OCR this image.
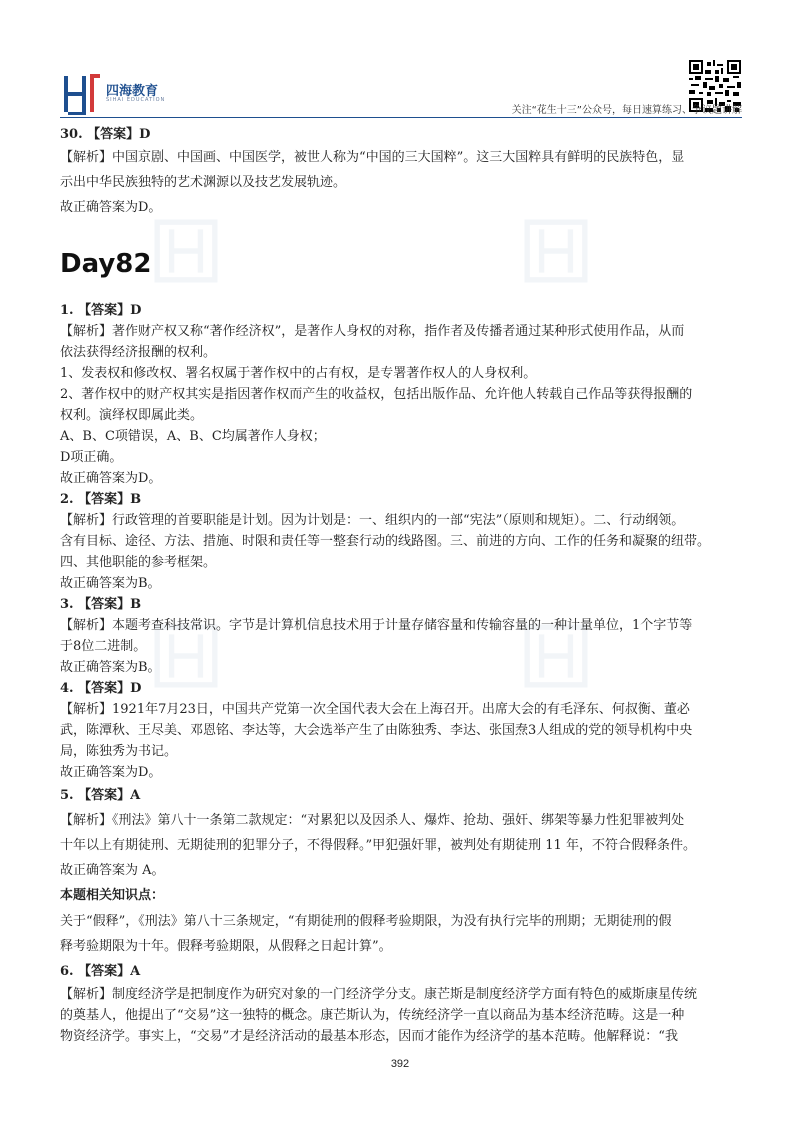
四海教育
SIHAI EDUCATION
关注“花生十三”公众号，每日速算练习、争议题讲解

30. 【答案】D

【解析】中国京剧、中国画、中国医学，被世人称为“中国的三大国粹”。这三大国粹具有鲜明的民族特色，显

示出中华民族独特的艺术渊源以及技艺发展轨迹。

故正确答案为D。

Day82

1. 【答案】D

【解析】著作财产权又称“著作经济权”，是著作人身权的对称，指作者及传播者通过某种形式使用作品，从而

依法获得经济报酬的权利。

1、发表权和修改权、署名权属于著作权中的占有权，是专署著作权人的人身权利。

2、著作权中的财产权其实是指因著作权而产生的收益权，包括出版作品、允许他人转载自己作品等获得报酬的

权利。演绎权即属此类。

A、B、C项错误，A、B、C均属著作人身权；

D项正确。

故正确答案为D。

2. 【答案】B

【解析】行政管理的首要职能是计划。因为计划是：一、组织内的一部“宪法”（原则和规矩）。二、行动纲领。

含有目标、途径、方法、措施、时限和责任等一整套行动的线路图。三、前进的方向、工作的任务和凝聚的纽带。

四、其他职能的参考框架。

故正确答案为B。

3. 【答案】B

【解析】本题考查科技常识。字节是计算机信息技术用于计量存储容量和传输容量的一种计量单位，1个字节等

于8位二进制。

故正确答案为B。

4. 【答案】D

【解析】1921年7月23日，中国共产党第一次全国代表大会在上海召开。出席大会的有毛泽东、何叔衡、董必

武，陈潭秋、王尽美、邓恩铭、李达等，大会选举产生了由陈独秀、李达、张国焘3人组成的党的领导机构中央

局，陈独秀为书记。

故正确答案为D。

5. 【答案】A

【解析】《刑法》第八十一条第二款规定：“对累犯以及因杀人、爆炸、抢劫、强奸、绑架等暴力性犯罪被判处

十年以上有期徒刑、无期徒刑的犯罪分子，不得假释。”甲犯强奸罪，被判处有期徒刑 11 年，不符合假释条件。

故正确答案为 A。

本题相关知识点：

关于“假释”，《刑法》第八十三条规定，“有期徒刑的假释考验期限，为没有执行完毕的刑期；无期徒刑的假

释考验期限为十年。假释考验期限，从假释之日起计算”。

6. 【答案】A

【解析】制度经济学是把制度作为研究对象的一门经济学分支。康芒斯是制度经济学方面有特色的威斯康星传统

的奠基人，他提出了“交易”这一独特的概念。康芒斯认为，传统经济学一直以商品为基本经济范畴。这是一种

物资经济学。事实上，“交易”才是经济活动的最基本形态，因而才能作为经济学的基本范畴。他解释说：“我

392
